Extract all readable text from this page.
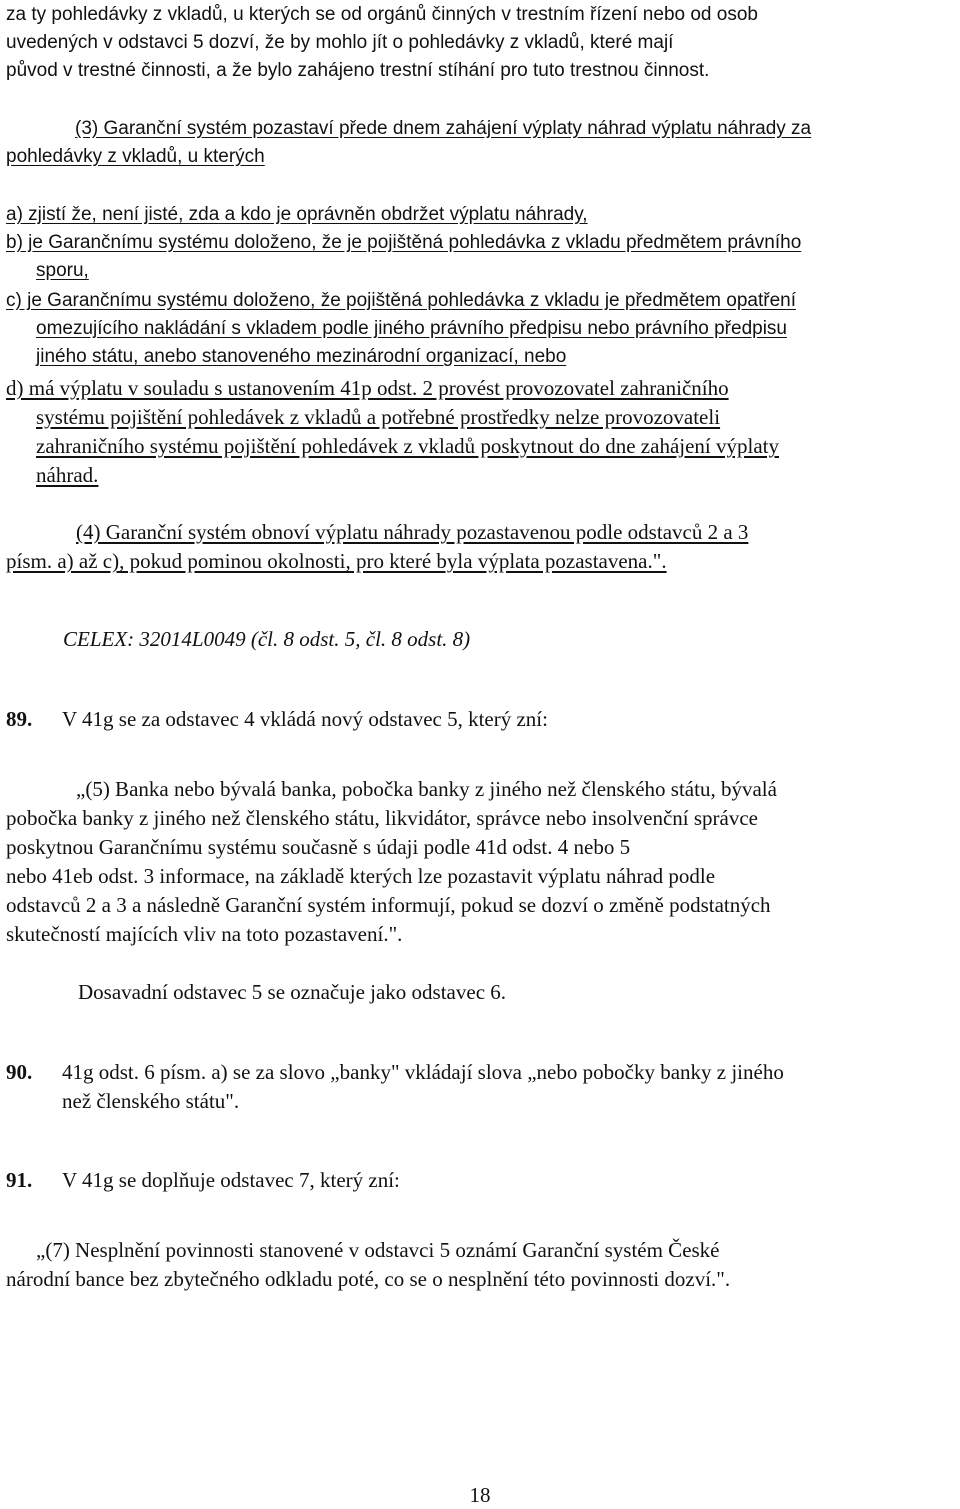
za ty pohledávky z vkladů, u kterých se od orgánů činných v trestním řízení nebo od osob
uvedených v odstavci 5 dozví, že by mohlo jít o pohledávky z vkladů, které mají
původ v trestné činnosti, a že bylo zahájeno trestní stíhání pro tuto trestnou činnost.
(3) Garanční systém pozastaví přede dnem zahájení výplaty náhrad výplatu náhrady za
pohledávky z vkladů, u kterých
a) zjistí že, není jisté, zda a kdo je oprávněn obdržet výplatu náhrady,
b) je Garančnímu systému doloženo, že je pojištěná pohledávka z vkladu předmětem právního
sporu,
c) je Garančnímu systému doloženo, že pojištěná pohledávka z vkladu je předmětem opatření
omezujícího nakládání s vkladem podle jiného právního předpisu nebo právního předpisu
jiného státu, anebo stanoveného mezinárodní organizací, nebo
d) má výplatu v souladu s ustanovením 41p odst. 2 provést provozovatel zahraničního
systému pojištění pohledávek z vkladů a potřebné prostředky nelze provozovateli
zahraničního systému pojištění pohledávek z vkladů poskytnout do dne zahájení výplaty
náhrad.
(4) Garanční systém obnoví výplatu náhrady pozastavenou podle odstavců 2 a 3
písm. a) až c), pokud pominou okolnosti, pro které byla výplata pozastavena.".
CELEX: 32014L0049 (čl. 8 odst. 5, čl. 8 odst. 8)
89. V 41g se za odstavec 4 vkládá nový odstavec 5, který zní:
„(5) Banka nebo bývalá banka, pobočka banky z jiného než členského státu, bývalá
pobočka banky z jiného než členského státu, likvidátor, správce nebo insolvenční správce
poskytnou Garančnímu systému současně s údaji podle 41d odst. 4 nebo 5
nebo 41eb odst. 3 informace, na základě kterých lze pozastavit výplatu náhrad podle
odstavců 2 a 3 a následně Garanční systém informují, pokud se dozví o změně podstatných
skutečností majících vliv na toto pozastavení.".
Dosavadní odstavec 5 se označuje jako odstavec 6.
90. 41g odst. 6 písm. a) se za slovo „banky" vkládají slova „nebo pobočky banky z jiného
než členského státu".
91. V 41g se doplňuje odstavec 7, který zní:
„(7) Nesplnění povinnosti stanovené v odstavci 5 oznámí Garanční systém České
národní bance bez zbytečného odkladu poté, co se o nesplnění této povinnosti dozví.".
18
